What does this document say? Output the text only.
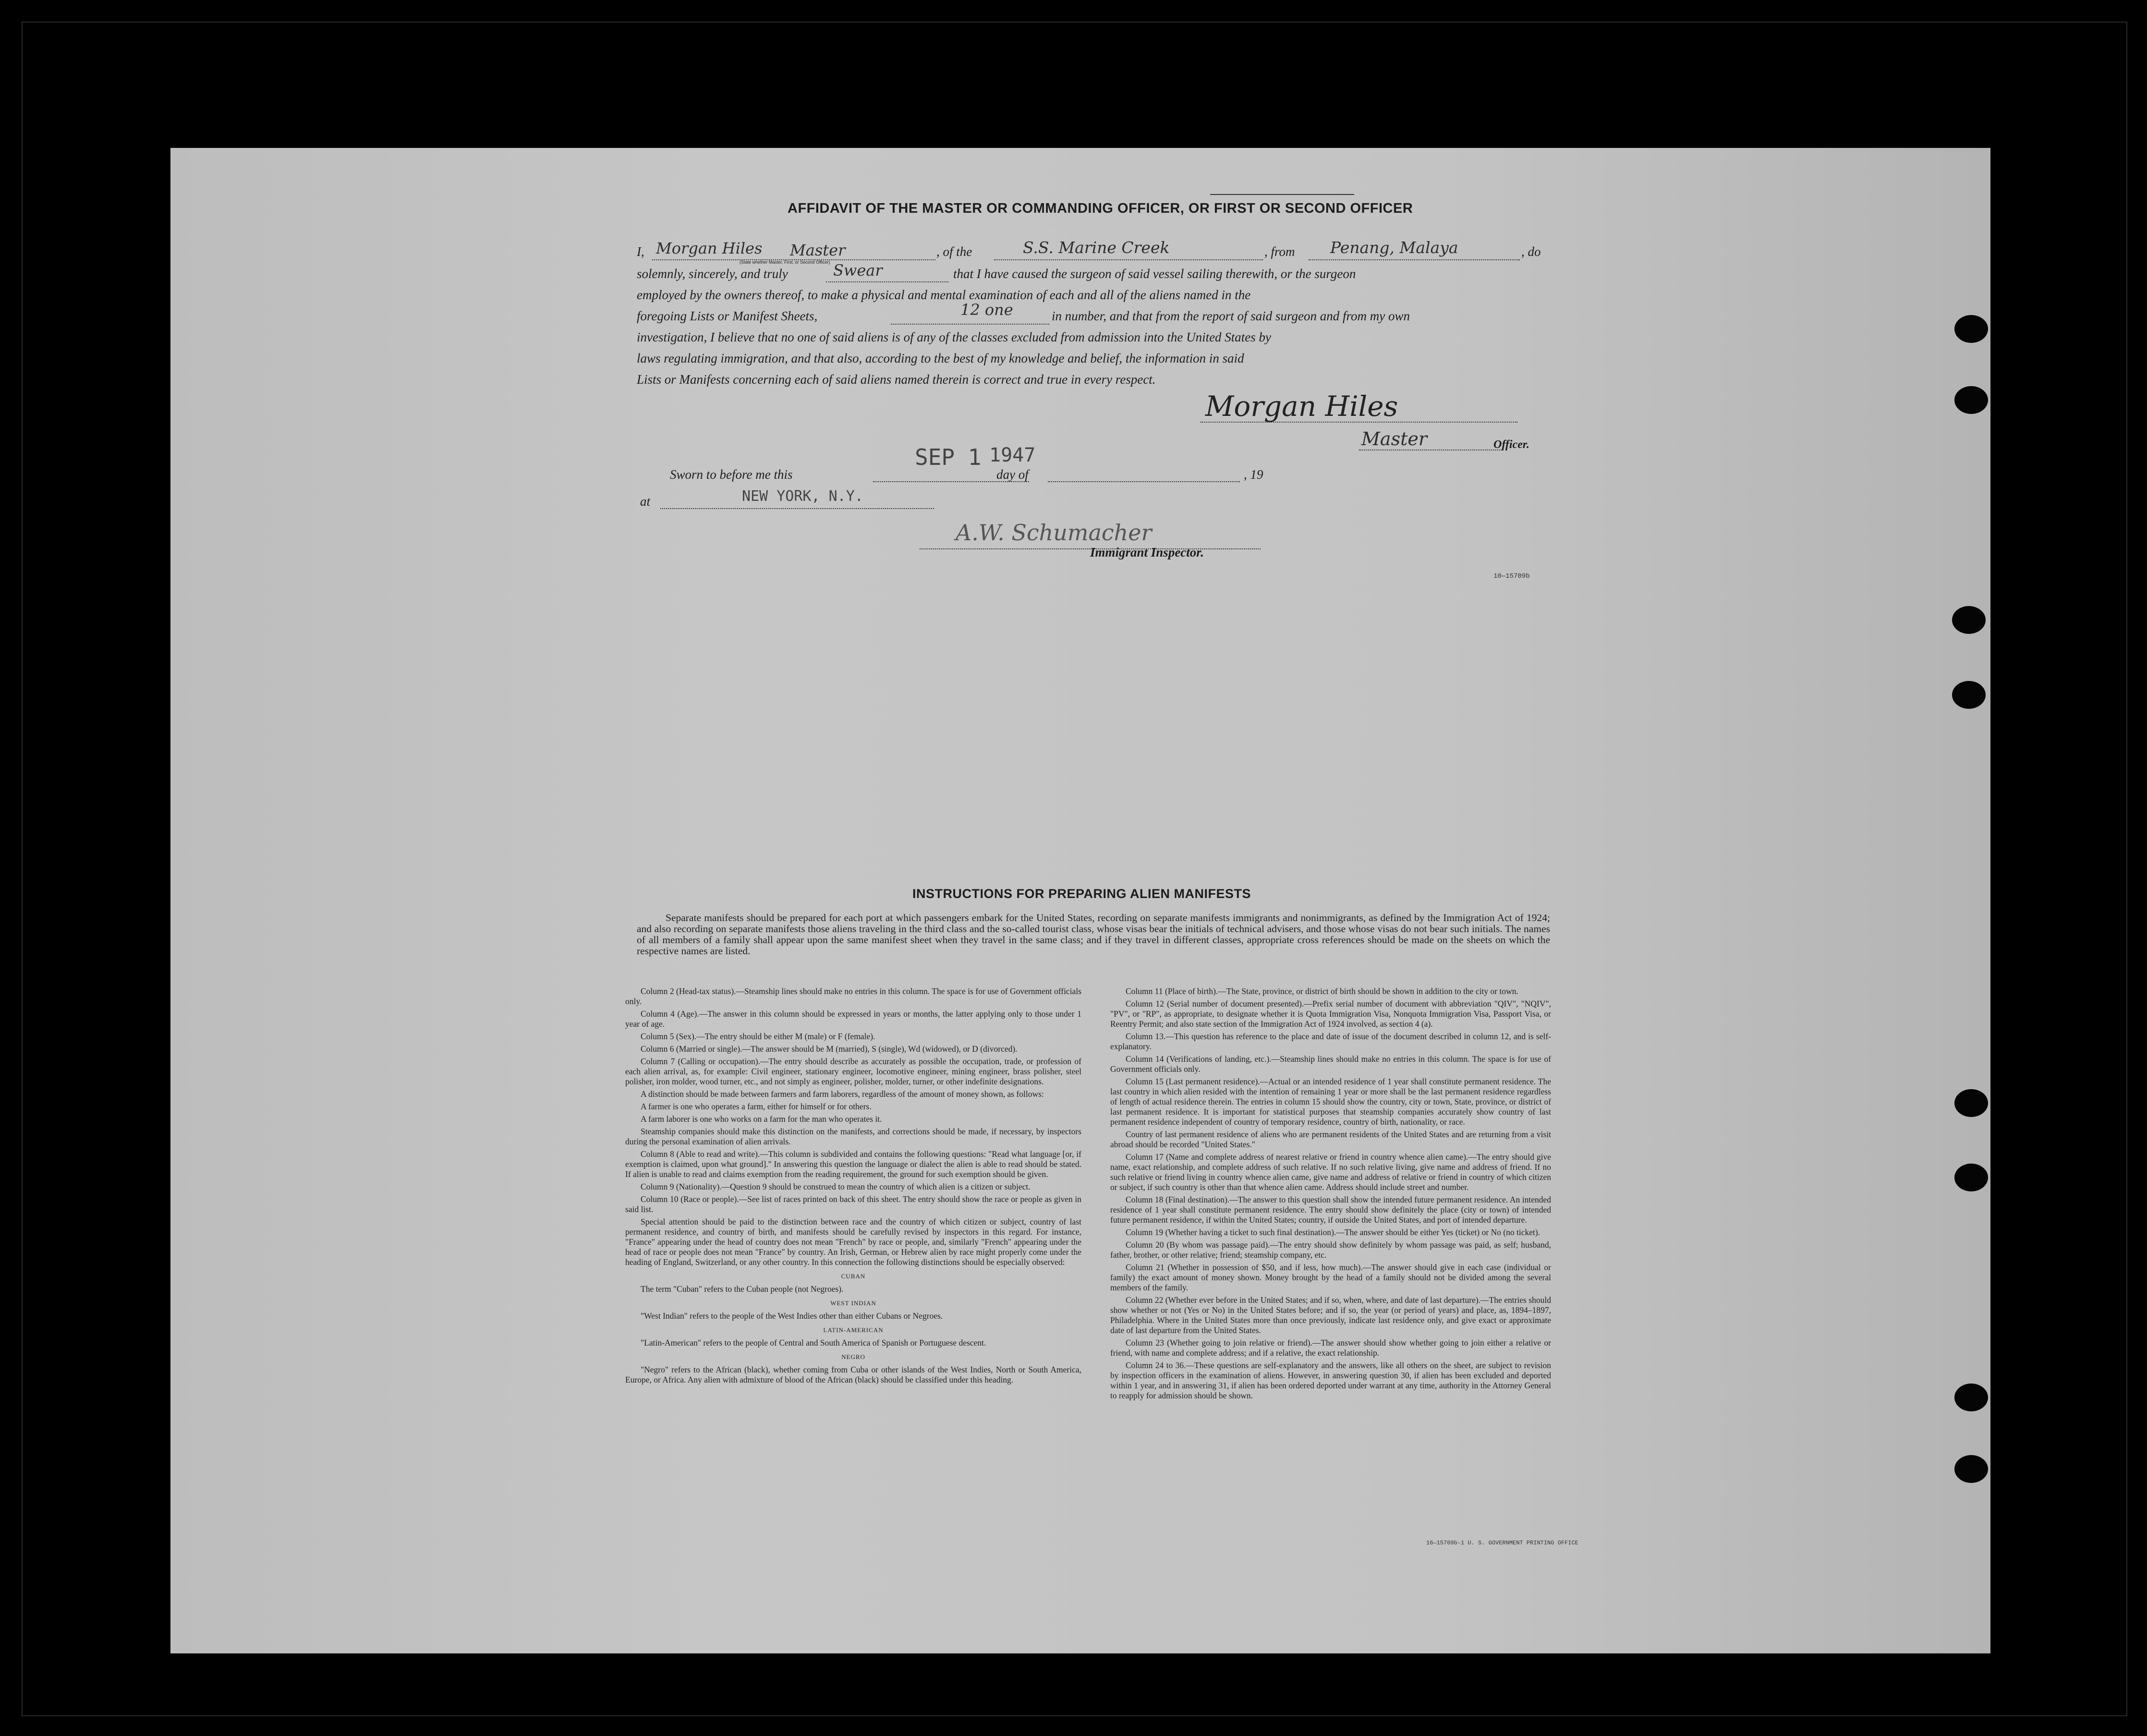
AFFIDAVIT OF THE MASTER OR COMMANDING OFFICER, OR FIRST OR SECOND OFFICER
I, Morgan Hiles Master
(State whether Master, First, or Second Officer)
, of the	S.S. Marine Creek	, from Penang, Malaya	, do
solemnly, sincerely, and truly	Swear	that I have caused the surgeon of said vessel sailing therewith, or the surgeon
employed by the owners thereof, to make a physical and mental examination of each and all of the aliens named in the
foregoing Lists or Manifest Sheets,	12 one	in number, and that from the report of said surgeon and from my own
investigation, I believe that no one of said aliens is of any of the classes excluded from admission into the United States by
laws regulating immigration, and that also, according to the best of my knowledge and belief, the information in said
Lists or Manifests concerning each of said aliens named therein is correct and true in every respect.
Morgan Hiles
Master	Officer.
Sworn to before me this
SEP 1 1947
day of	, 19
at	NEW YORK, N.Y.
A.W. Schumacher
Immigrant Inspector.
10—15709b
INSTRUCTIONS FOR PREPARING ALIEN MANIFESTS
Separate manifests should be prepared for each port at which passengers embark for the United States, recording on separate manifests immigrants and nonimmigrants, as defined by the Immigration Act of 1924; and also recording on separate manifests those aliens traveling in the third class and the so-called tourist class, whose visas bear the initials of technical advisers, and those whose visas do not bear such initials. The names of all members of a family shall appear upon the same manifest sheet when they travel in the same class; and if they travel in different classes, appropriate cross references should be made on the sheets on which the respective names are listed.

Column 2 (Head-tax status).—Steamship lines should make no entries in this column. The space is for use of Government officials only.

Column 4 (Age).—The answer in this column should be expressed in years or months, the latter applying only to those under 1 year of age.

Column 5 (Sex).—The entry should be either M (male) or F (female).

Column 6 (Married or single).—The answer should be M (married), S (single), Wd (widowed), or D (divorced).

Column 7 (Calling or occupation).—The entry should describe as accurately as possible the occupation, trade, or profession of each alien arrival, as, for example: Civil engineer, stationary engineer, locomotive engineer, mining engineer, brass polisher, steel polisher, iron molder, wood turner, etc., and not simply as engineer, polisher, molder, turner, or other indefinite designations.

A distinction should be made between farmers and farm laborers, regardless of the amount of money shown, as follows:

A farmer is one who operates a farm, either for himself or for others.

A farm laborer is one who works on a farm for the man who operates it.

Steamship companies should make this distinction on the manifests, and corrections should be made, if necessary, by inspectors during the personal examination of alien arrivals.

Column 8 (Able to read and write).—This column is subdivided and contains the following questions: "Read what language [or, if exemption is claimed, upon what ground]." In answering this question the language or dialect the alien is able to read should be stated. If alien is unable to read and claims exemption from the reading requirement, the ground for such exemption should be given.

Column 9 (Nationality).—Question 9 should be construed to mean the country of which alien is a citizen or subject.

Column 10 (Race or people).—See list of races printed on back of this sheet. The entry should show the race or people as given in said list.

Special attention should be paid to the distinction between race and the country of which citizen or subject, country of last permanent residence, and country of birth, and manifests should be carefully revised by inspectors in this regard. For instance, "France" appearing under the head of country does not mean "French" by race or people, and, similarly "French" appearing under the head of race or people does not mean "France" by country. An Irish, German, or Hebrew alien by race might properly come under the heading of England, Switzerland, or any other country. In this connection the following distinctions should be especially observed:

CUBAN

The term "Cuban" refers to the Cuban people (not Negroes).

WEST INDIAN

"West Indian" refers to the people of the West Indies other than either Cubans or Negroes.

LATIN-AMERICAN

"Latin-American" refers to the people of Central and South America of Spanish or Portuguese descent.

NEGRO

"Negro" refers to the African (black), whether coming from Cuba or other islands of the West Indies, North or South America, Europe, or Africa. Any alien with admixture of blood of the African (black) should be classified under this heading.

Column 11 (Place of birth).—The State, province, or district of birth should be shown in addition to the city or town.

Column 12 (Serial number of document presented).—Prefix serial number of document with abbreviation "QIV", "NQIV", "PV", or "RP", as appropriate, to designate whether it is Quota Immigration Visa, Nonquota Immigration Visa, Passport Visa, or Reentry Permit; and also state section of the Immigration Act of 1924 involved, as section 4 (a).

Column 13.—This question has reference to the place and date of issue of the document described in column 12, and is self-explanatory.

Column 14 (Verifications of landing, etc.).—Steamship lines should make no entries in this column. The space is for use of Government officials only.

Column 15 (Last permanent residence).—Actual or an intended residence of 1 year shall constitute permanent residence. The last country in which alien resided with the intention of remaining 1 year or more shall be the last permanent residence regardless of length of actual residence therein. The entries in column 15 should show the country, city or town, State, province, or district of last permanent residence. It is important for statistical purposes that steamship companies accurately show country of last permanent residence independent of country of temporary residence, country of birth, nationality, or race.

Country of last permanent residence of aliens who are permanent residents of the United States and are returning from a visit abroad should be recorded "United States."

Column 17 (Name and complete address of nearest relative or friend in country whence alien came).—The entry should give name, exact relationship, and complete address of such relative. If no such relative living, give name and address of friend. If no such relative or friend living in country whence alien came, give name and address of relative or friend in country of which citizen or subject, if such country is other than that whence alien came. Address should include street and number.

Column 18 (Final destination).—The answer to this question shall show the intended future permanent residence. An intended residence of 1 year shall constitute permanent residence. The entry should show definitely the place (city or town) of intended future permanent residence, if within the United States; country, if outside the United States, and port of intended departure.

Column 19 (Whether having a ticket to such final destination).—The answer should be either Yes (ticket) or No (no ticket).

Column 20 (By whom was passage paid).—The entry should show definitely by whom passage was paid, as self; husband, father, brother, or other relative; friend; steamship company, etc.

Column 21 (Whether in possession of $50, and if less, how much).—The answer should give in each case (individual or family) the exact amount of money shown. Money brought by the head of a family should not be divided among the several members of the family.

Column 22 (Whether ever before in the United States; and if so, when, where, and date of last departure).—The entries should show whether or not (Yes or No) in the United States before; and if so, the year (or period of years) and place, as, 1894–1897, Philadelphia. Where in the United States more than once previously, indicate last residence only, and give exact or approximate date of last departure from the United States.

Column 23 (Whether going to join relative or friend).—The answer should show whether going to join either a relative or friend, with name and complete address; and if a relative, the exact relationship.

Column 24 to 36.—These questions are self-explanatory and the answers, like all others on the sheet, are subject to revision by inspection officers in the examination of aliens. However, in answering question 30, if alien has been excluded and deported within 1 year, and in answering 31, if alien has been ordered deported under warrant at any time, authority in the Attorney General to reapply for admission should be shown.

16—15709b-1 U. S. GOVERNMENT PRINTING OFFICE
